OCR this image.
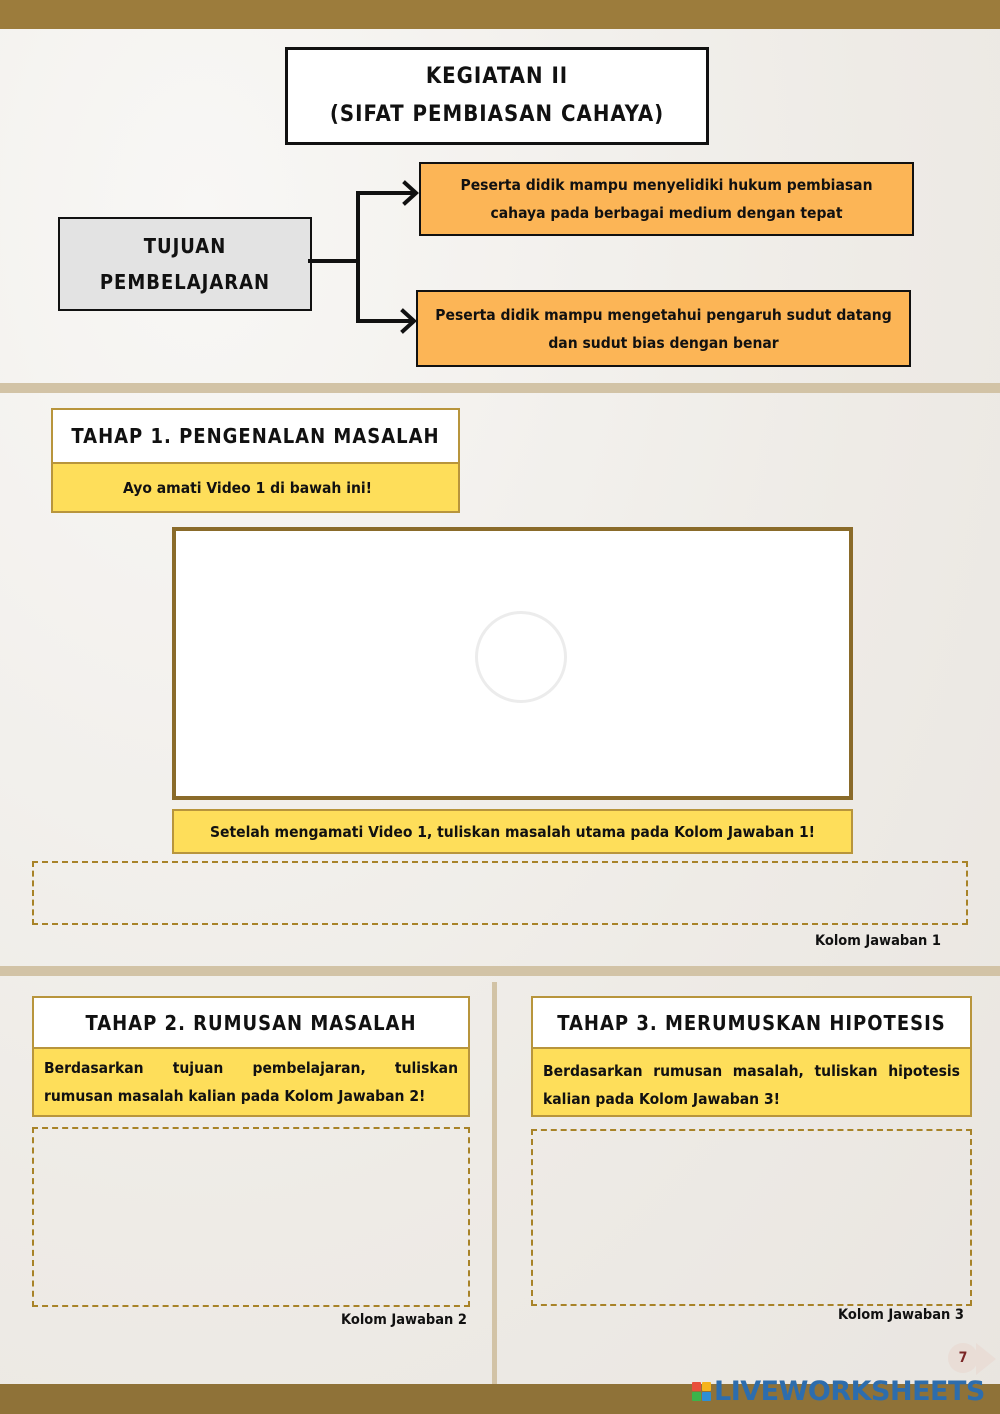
KEGIATAN II
(SIFAT PEMBIASAN CAHAYA)
TUJUAN
PEMBELAJARAN
Peserta didik mampu menyelidiki hukum pembiasan cahaya pada berbagai medium dengan tepat
Peserta didik mampu mengetahui pengaruh sudut datang dan sudut bias dengan benar
TAHAP 1. PENGENALAN MASALAH
Ayo amati Video 1 di bawah ini!
Setelah mengamati Video 1, tuliskan masalah utama pada Kolom Jawaban 1!
Kolom Jawaban 1
TAHAP 2. RUMUSAN MASALAH
Berdasarkan tujuan pembelajaran, tuliskan rumusan masalah kalian pada Kolom Jawaban 2!
Kolom Jawaban 2
TAHAP 3. MERUMUSKAN HIPOTESIS
Berdasarkan rumusan masalah, tuliskan hipotesis kalian pada Kolom Jawaban 3!
Kolom Jawaban 3
7
LIVEWORKSHEETS
